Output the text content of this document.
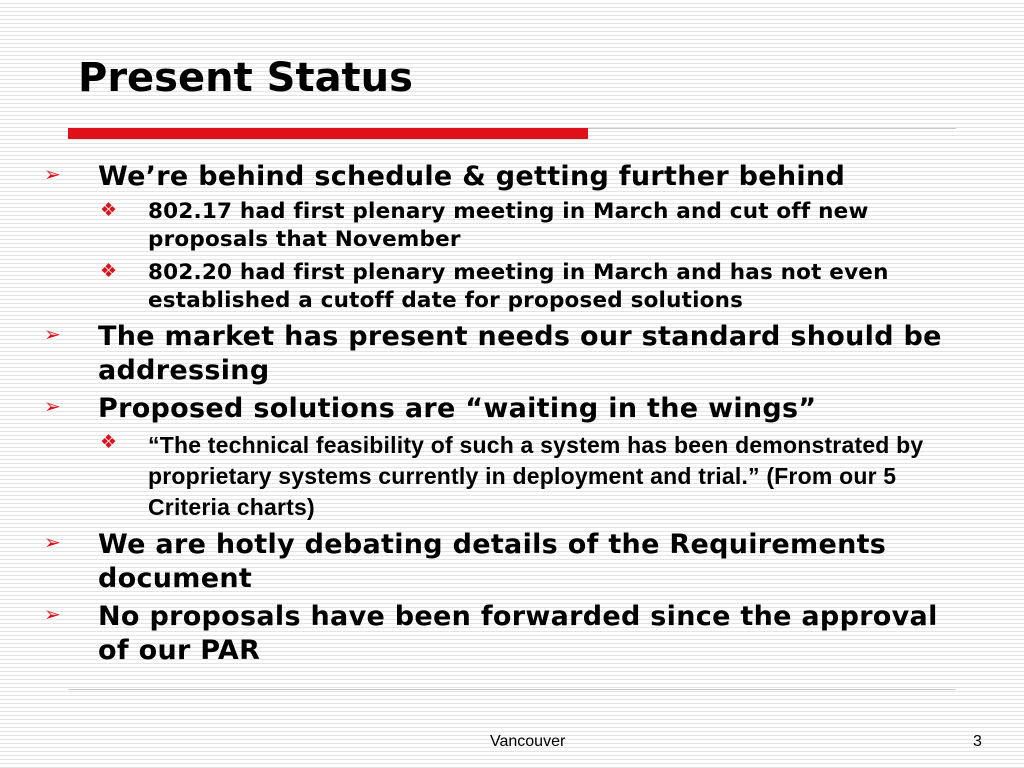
Present Status
➢ We’re behind schedule & getting further behind
❖ 802.17 had first plenary meeting in March and cut off new proposals that November
❖ 802.20 had first plenary meeting in March and has not even established a cutoff date for proposed solutions
➢ The market has present needs our standard should be addressing
➢ Proposed solutions are “waiting in the wings”
❖ “The technical feasibility of such a system has been demonstrated by proprietary systems currently in deployment and trial.” (From our 5 Criteria charts)
➢ We are hotly debating details of the Requirements document
➢ No proposals have been forwarded since the approval of our PAR
Vancouver	3
